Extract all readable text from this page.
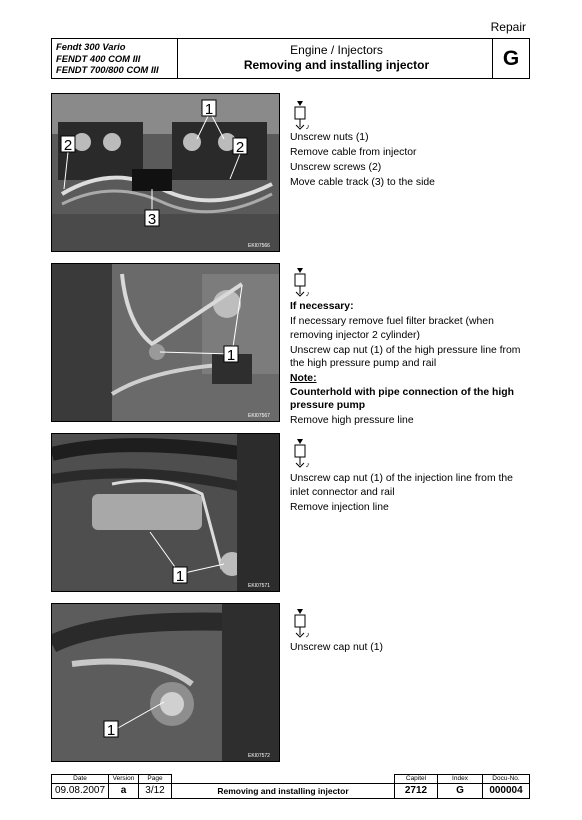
Repair
Fendt 300 Vario
FENDT 400 COM III
FENDT 700/800 COM III
Engine / Injectors
Removing and installing injector	G
1
2	2
3
EKI07566
1
EKI07567
1
EKI07571
1
EKI07572

Unscrew nuts (1)

Remove cable from injector

Unscrew screws (2)

Move cable track (3) to the side

If necessary:

If necessary remove fuel filter bracket (when removing injector 2 cylinder)

Unscrew cap nut (1) of the high pressure line from the high pressure pump and rail

Note:

Counterhold with pipe connection of the high pressure pump

Remove high pressure line

Unscrew cap nut (1) of the injection line from the inlet connector and rail

Remove injection line

Unscrew cap nut (1)

Date	Version	Page		Capitel	Index	Docu-No.
09.08.2007	a	3/12	Removing and installing injector	2712	G	000004
